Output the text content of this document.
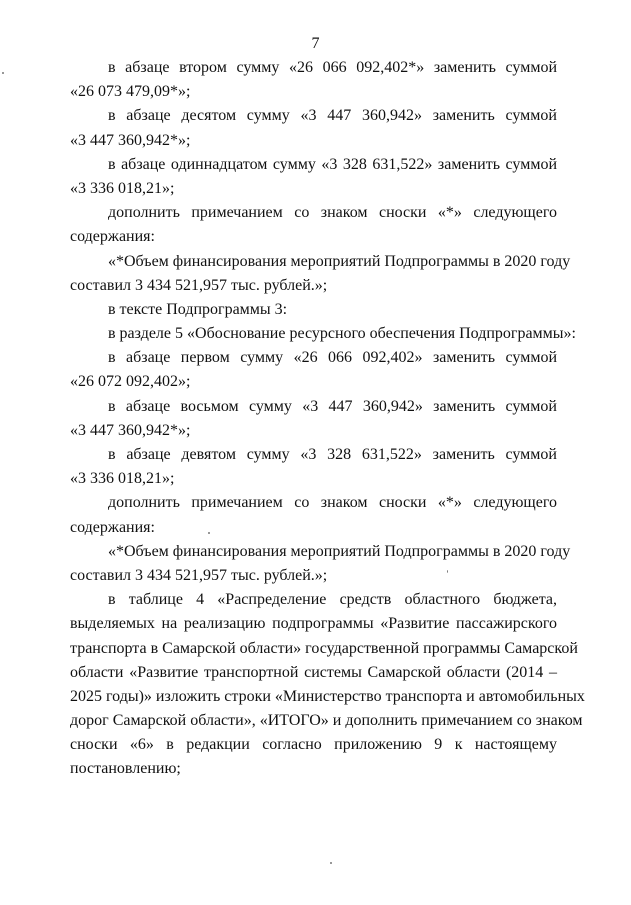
7
в абзаце втором сумму «26 066 092,402*» заменить суммой
«26 073 479,09*»;
в абзаце десятом сумму «3 447 360,942» заменить суммой
«3 447 360,942*»;
в абзаце одиннадцатом сумму «3 328 631,522» заменить суммой
«3 336 018,21»;
дополнить примечанием со знаком сноски «*» следующего
содержания:
«*Объем финансирования мероприятий Подпрограммы в 2020 году
составил 3 434 521,957 тыс. рублей.»;
в тексте Подпрограммы 3:
в разделе 5 «Обоснование ресурсного обеспечения Подпрограммы»:
в абзаце первом сумму «26 066 092,402» заменить суммой
«26 072 092,402»;
в абзаце восьмом сумму «3 447 360,942» заменить суммой
«3 447 360,942*»;
в абзаце девятом сумму «3 328 631,522» заменить суммой
«3 336 018,21»;
дополнить примечанием со знаком сноски «*» следующего
содержания:
«*Объем финансирования мероприятий Подпрограммы в 2020 году
составил 3 434 521,957 тыс. рублей.»;
в таблице 4 «Распределение средств областного бюджета,
выделяемых на реализацию подпрограммы «Развитие пассажирского
транспорта в Самарской области» государственной программы Самарской
области «Развитие транспортной системы Самарской области (2014 –
2025 годы)» изложить строки «Министерство транспорта и автомобильных
дорог Самарской области», «ИТОГО» и дополнить примечанием со знаком
сноски «6» в редакции согласно приложению 9 к настоящему
постановлению;
